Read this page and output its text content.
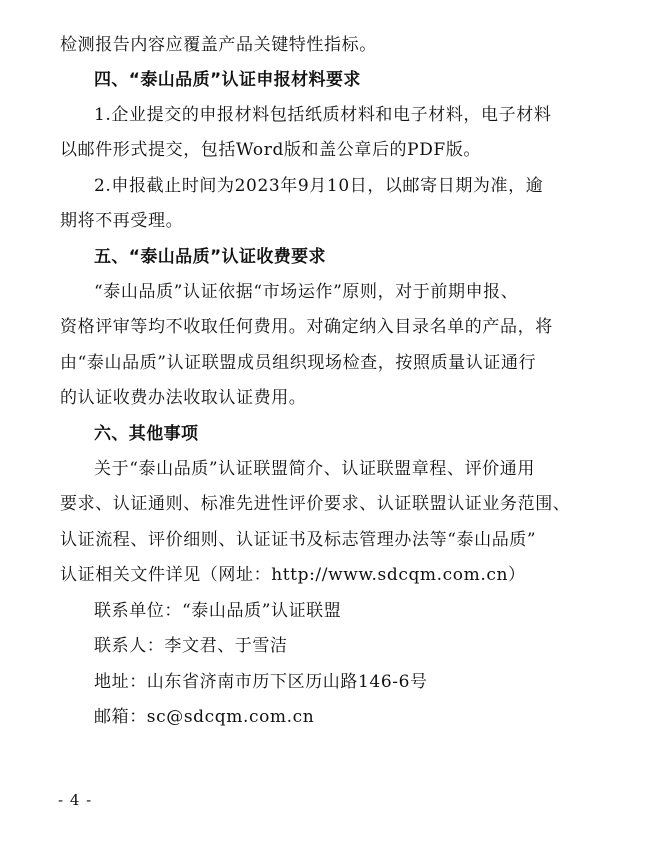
检测报告内容应覆盖产品关键特性指标。
四、“泰山品质”认证申报材料要求
1.企业提交的申报材料包括纸质材料和电子材料，电子材料
以邮件形式提交，包括Word版和盖公章后的PDF版。
2.申报截止时间为2023年9月10日，以邮寄日期为准，逾
期将不再受理。
五、“泰山品质”认证收费要求
“泰山品质”认证依据“市场运作”原则，对于前期申报、
资格评审等均不收取任何费用。对确定纳入目录名单的产品，将
由“泰山品质”认证联盟成员组织现场检查，按照质量认证通行
的认证收费办法收取认证费用。
六、其他事项
关于“泰山品质”认证联盟简介、认证联盟章程、评价通用
要求、认证通则、标准先进性评价要求、认证联盟认证业务范围、
认证流程、评价细则、认证证书及标志管理办法等“泰山品质”
认证相关文件详见（网址：http://www.sdcqm.com.cn）
联系单位：“泰山品质”认证联盟
联系人：李文君、于雪洁
地址：山东省济南市历下区历山路146-6号
邮箱：sc@sdcqm.com.cn
- 4 -
